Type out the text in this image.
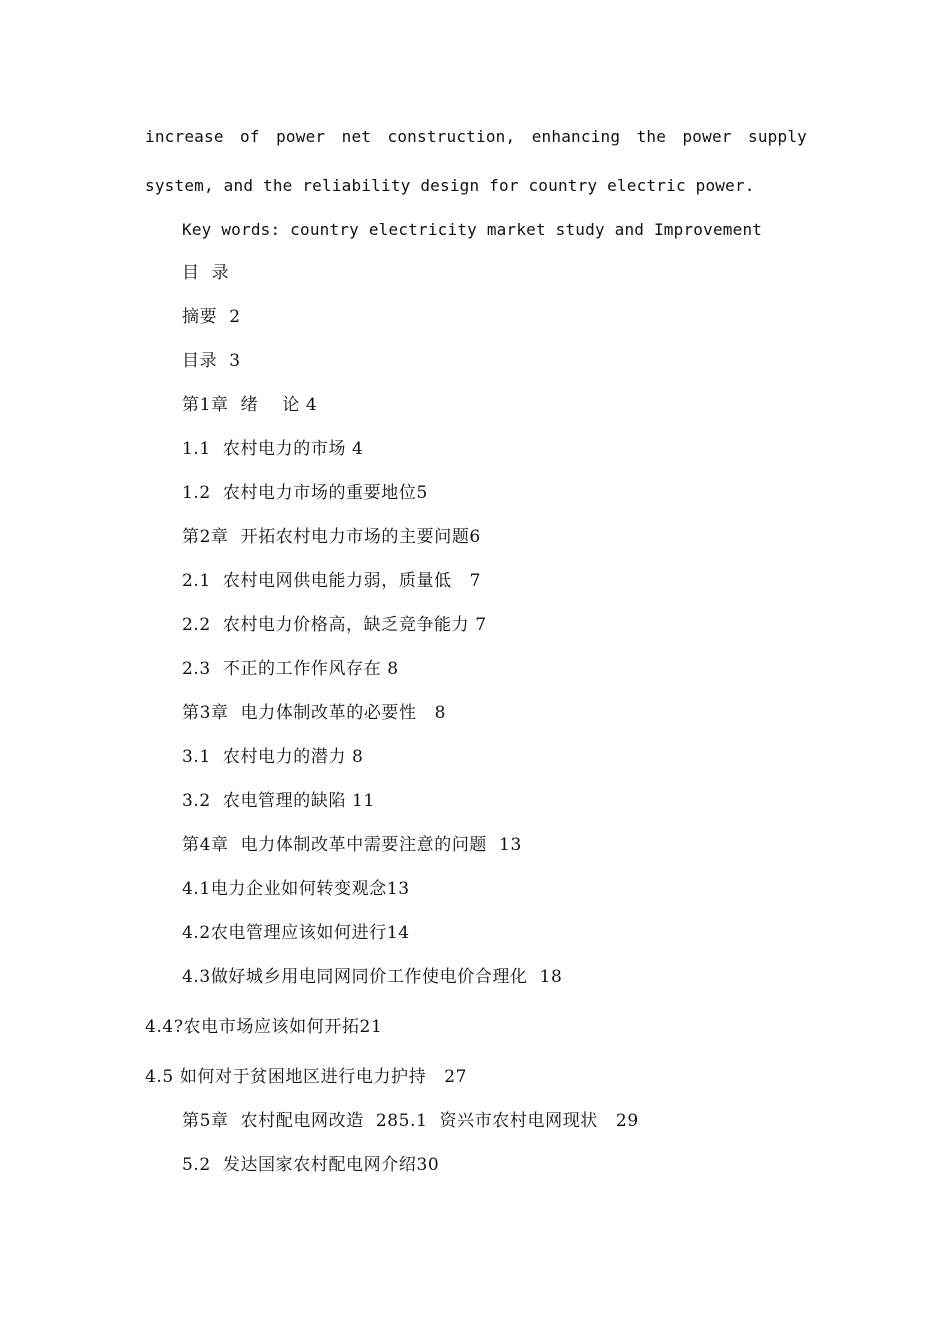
increase of power net construction, enhancing the power supply
system, and the reliability design for country electric power.
Key words: country electricity market study and Improvement
目  录
摘要  2
目录  3
第1章  绪    论 4
1.1  农村电力的市场 4
1.2  农村电力市场的重要地位5
第2章  开拓农村电力市场的主要问题6
2.1  农村电网供电能力弱，质量低   7
2.2  农村电力价格高，缺乏竞争能力 7
2.3  不正的工作作风存在 8
第3章  电力体制改革的必要性   8
3.1  农村电力的潜力 8
3.2  农电管理的缺陷 11
第4章  电力体制改革中需要注意的问题  13
4.1电力企业如何转变观念13
4.2农电管理应该如何进行14
4.3做好城乡用电同网同价工作使电价合理化  18
4.4?农电市场应该如何开拓21
4.5 如何对于贫困地区进行电力护持   27
第5章  农村配电网改造  285.1  资兴市农村电网现状   29
5.2  发达国家农村配电网介绍30
